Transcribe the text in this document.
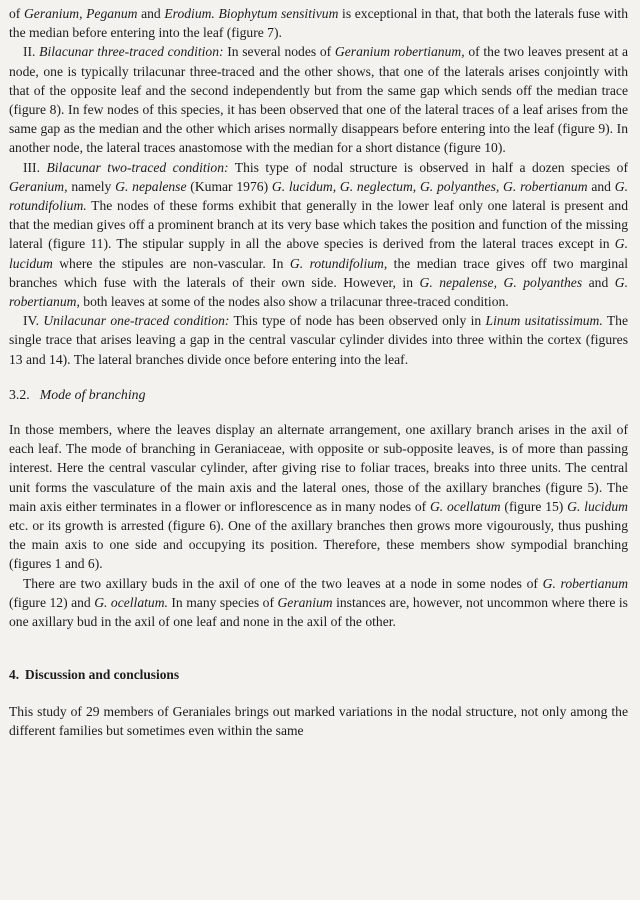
of Geranium, Peganum and Erodium. Biophytum sensitivum is exceptional in that, that both the laterals fuse with the median before entering into the leaf (figure 7).

II. Bilacunar three-traced condition: In several nodes of Geranium robertianum, of the two leaves present at a node, one is typically trilacunar three-traced and the other shows, that one of the laterals arises conjointly with that of the opposite leaf and the second independently but from the same gap which sends off the median trace (figure 8). In few nodes of this species, it has been observed that one of the lateral traces of a leaf arises from the same gap as the median and the other which arises normally disappears before entering into the leaf (figure 9). In another node, the lateral traces anastomose with the median for a short distance (figure 10).

III. Bilacunar two-traced condition: This type of nodal structure is observed in half a dozen species of Geranium, namely G. nepalense (Kumar 1976) G. lucidum, G. neglectum, G. polyanthes, G. robertianum and G. rotundifolium. The nodes of these forms exhibit that generally in the lower leaf only one lateral is present and that the median gives off a prominent branch at its very base which takes the position and function of the missing lateral (figure 11). The stipular supply in all the above species is derived from the lateral traces except in G. lucidum where the stipules are non-vascular. In G. rotundifolium, the median trace gives off two marginal branches which fuse with the laterals of their own side. However, in G. nepalense, G. polyanthes and G. robertianum, both leaves at some of the nodes also show a trilacunar three-traced condition.

IV. Unilacunar one-traced condition: This type of node has been observed only in Linum usitatissimum. The single trace that arises leaving a gap in the central vascular cylinder divides into three within the cortex (figures 13 and 14). The lateral branches divide once before entering into the leaf.

3.2. Mode of branching

In those members, where the leaves display an alternate arrangement, one axillary branch arises in the axil of each leaf. The mode of branching in Geraniaceae, with opposite or sub-opposite leaves, is of more than passing interest. Here the central vascular cylinder, after giving rise to foliar traces, breaks into three units. The central unit forms the vasculature of the main axis and the lateral ones, those of the axillary branches (figure 5). The main axis either terminates in a flower or inflorescence as in many nodes of G. ocellatum (figure 15) G. lucidum etc. or its growth is arrested (figure 6). One of the axillary branches then grows more vigourously, thus pushing the main axis to one side and occupying its position. Therefore, these members show sympodial branching (figures 1 and 6).

There are two axillary buds in the axil of one of the two leaves at a node in some nodes of G. robertianum (figure 12) and G. ocellatum. In many species of Geranium instances are, however, not uncommon where there is one axillary bud in the axil of one leaf and none in the axil of the other.

4. Discussion and conclusions

This study of 29 members of Geraniales brings out marked variations in the nodal structure, not only among the different families but sometimes even within the same
